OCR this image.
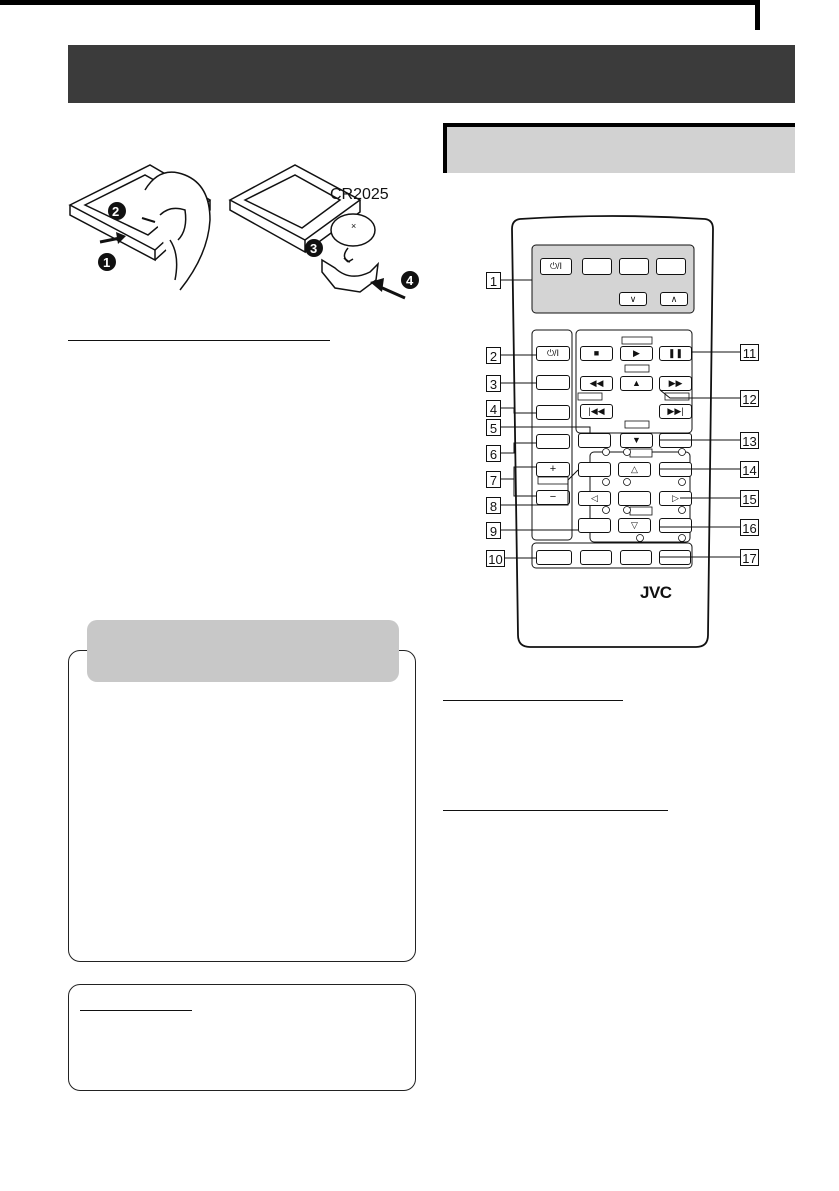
×
2
1
3
4
CR2025
⏻/I
∨	∧
⏻/I
+
−
■	▶	❚❚
◀◀	▲	▶▶
|◀◀	▶▶|
▼
△
◁	▷
▽
JVC
1
2
3
4
5
6
7
8
9
10
11
12
13
14
15
16
17
